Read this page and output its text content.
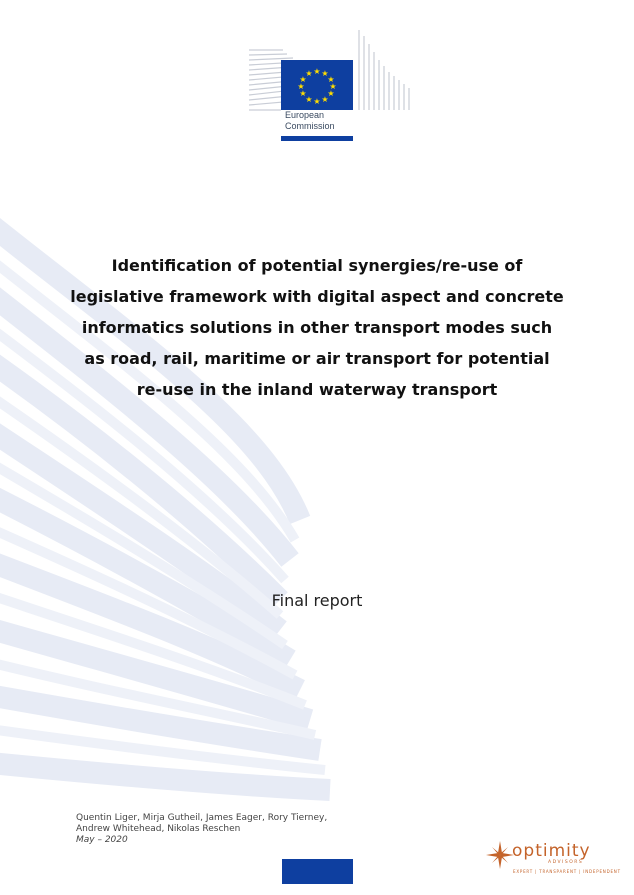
★ ★
★
★
★
★
★
★
★
★
★
★
European
Commission
Identification of potential synergies/re-use of legislative framework with digital aspect and concrete informatics solutions in other transport modes such as road, rail, maritime or air transport for potential re-use in the inland waterway transport
Final report
Quentin Liger, Mirja Gutheil, James Eager, Rory Tierney,
Andrew Whitehead, Nikolas Reschen
May – 2020
optimity
ADVISORS
EXPERT | TRANSPARENT | INDEPENDENT
